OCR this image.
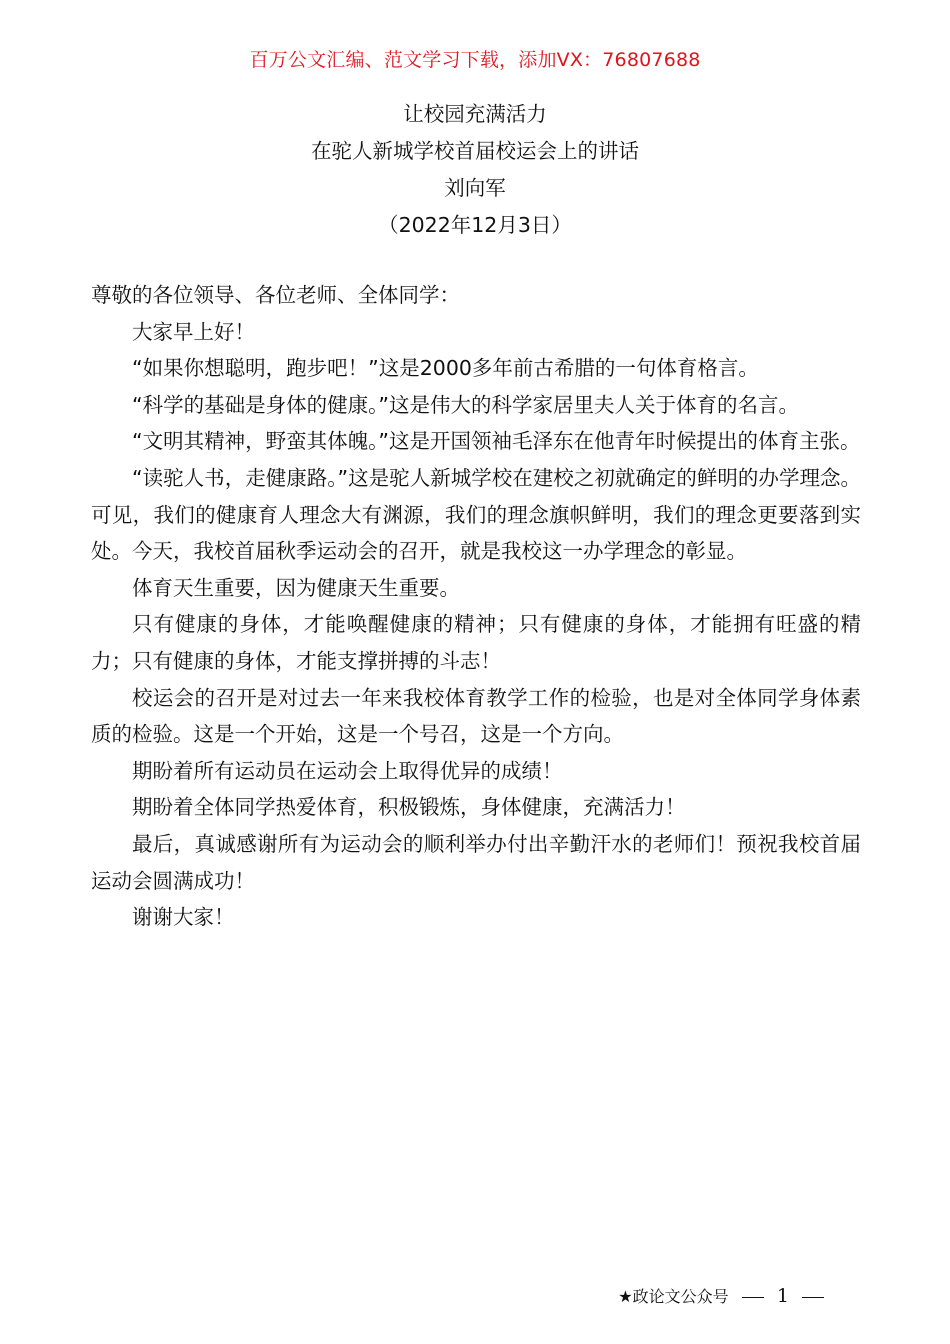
百万公文汇编、范文学习下载，添加VX：76807688
让校园充满活力
在驼人新城学校首届校运会上的讲话
刘向军
（2022年12月3日）

尊敬的各位领导、各位老师、全体同学：

大家早上好！

“如果你想聪明，跑步吧！”这是2000多年前古希腊的一句体育格言。

“科学的基础是身体的健康。”这是伟大的科学家居里夫人关于体育的名言。

“文明其精神，野蛮其体魄。”这是开国领袖毛泽东在他青年时候提出的体育主张。

“读驼人书，走健康路。”这是驼人新城学校在建校之初就确定的鲜明的办学理念。可见，我们的健康育人理念大有渊源，我们的理念旗帜鲜明，我们的理念更要落到实处。今天，我校首届秋季运动会的召开，就是我校这一办学理念的彰显。

体育天生重要，因为健康天生重要。

只有健康的身体，才能唤醒健康的精神；只有健康的身体，才能拥有旺盛的精力；只有健康的身体，才能支撑拼搏的斗志！

校运会的召开是对过去一年来我校体育教学工作的检验，也是对全体同学身体素质的检验。这是一个开始，这是一个号召，这是一个方向。

期盼着所有运动员在运动会上取得优异的成绩！

期盼着全体同学热爱体育，积极锻炼，身体健康，充满活力！

最后，真诚感谢所有为运动会的顺利举办付出辛勤汗水的老师们！预祝我校首届运动会圆满成功！

谢谢大家！

★政论文公众号	1
